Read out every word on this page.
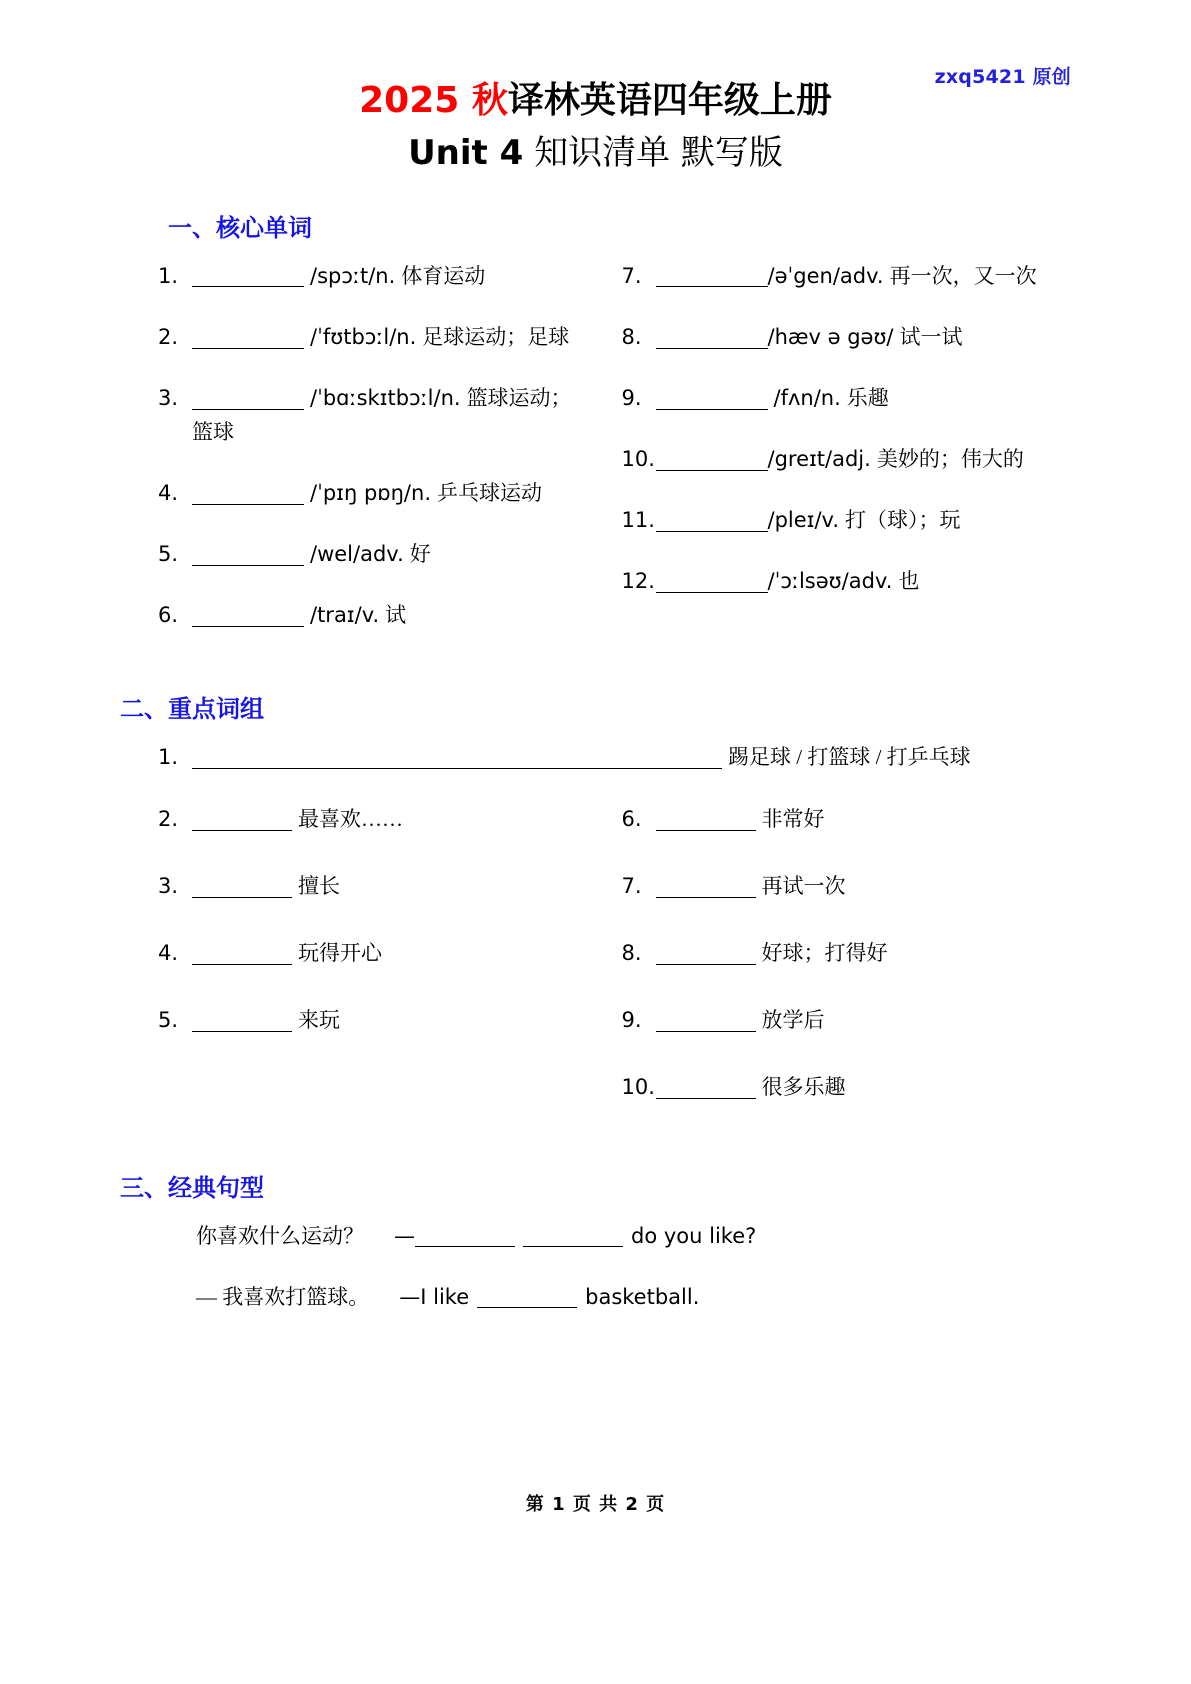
zxq5421 原创
2025 秋译林英语四年级上册
Unit 4 知识清单 默写版
一、核心单词
1.	/spɔːt/n. 体育运动
2.	/ˈfʊtbɔːl/n. 足球运动；足球
3.	/ˈbɑːskɪtbɔːl/n. 篮球运动；篮球
4.	/ˈpɪŋ pɒŋ/n. 乒乓球运动
5.	/wel/adv. 好
6.	/traɪ/v. 试
7.	/əˈgen/adv. 再一次，又一次
8.	/hæv ə gəʊ/ 试一试
9.	/fʌn/n. 乐趣
10.	/greɪt/adj. 美妙的；伟大的
11.	/pleɪ/v. 打（球）；玩
12.	/ˈɔːlsəʊ/adv. 也
二、重点词组
1.	踢足球 / 打篮球 / 打乒乓球
2.	最喜欢……
3.	擅长
4.	玩得开心
5.	来玩
6.	非常好
7.	再试一次
8.	好球；打得好
9.	放学后
10.	很多乐趣
三、经典句型
你喜欢什么运动？ —	do you like?
— 我喜欢打篮球。 —I like	basketball.
第 1 页 共 2 页
